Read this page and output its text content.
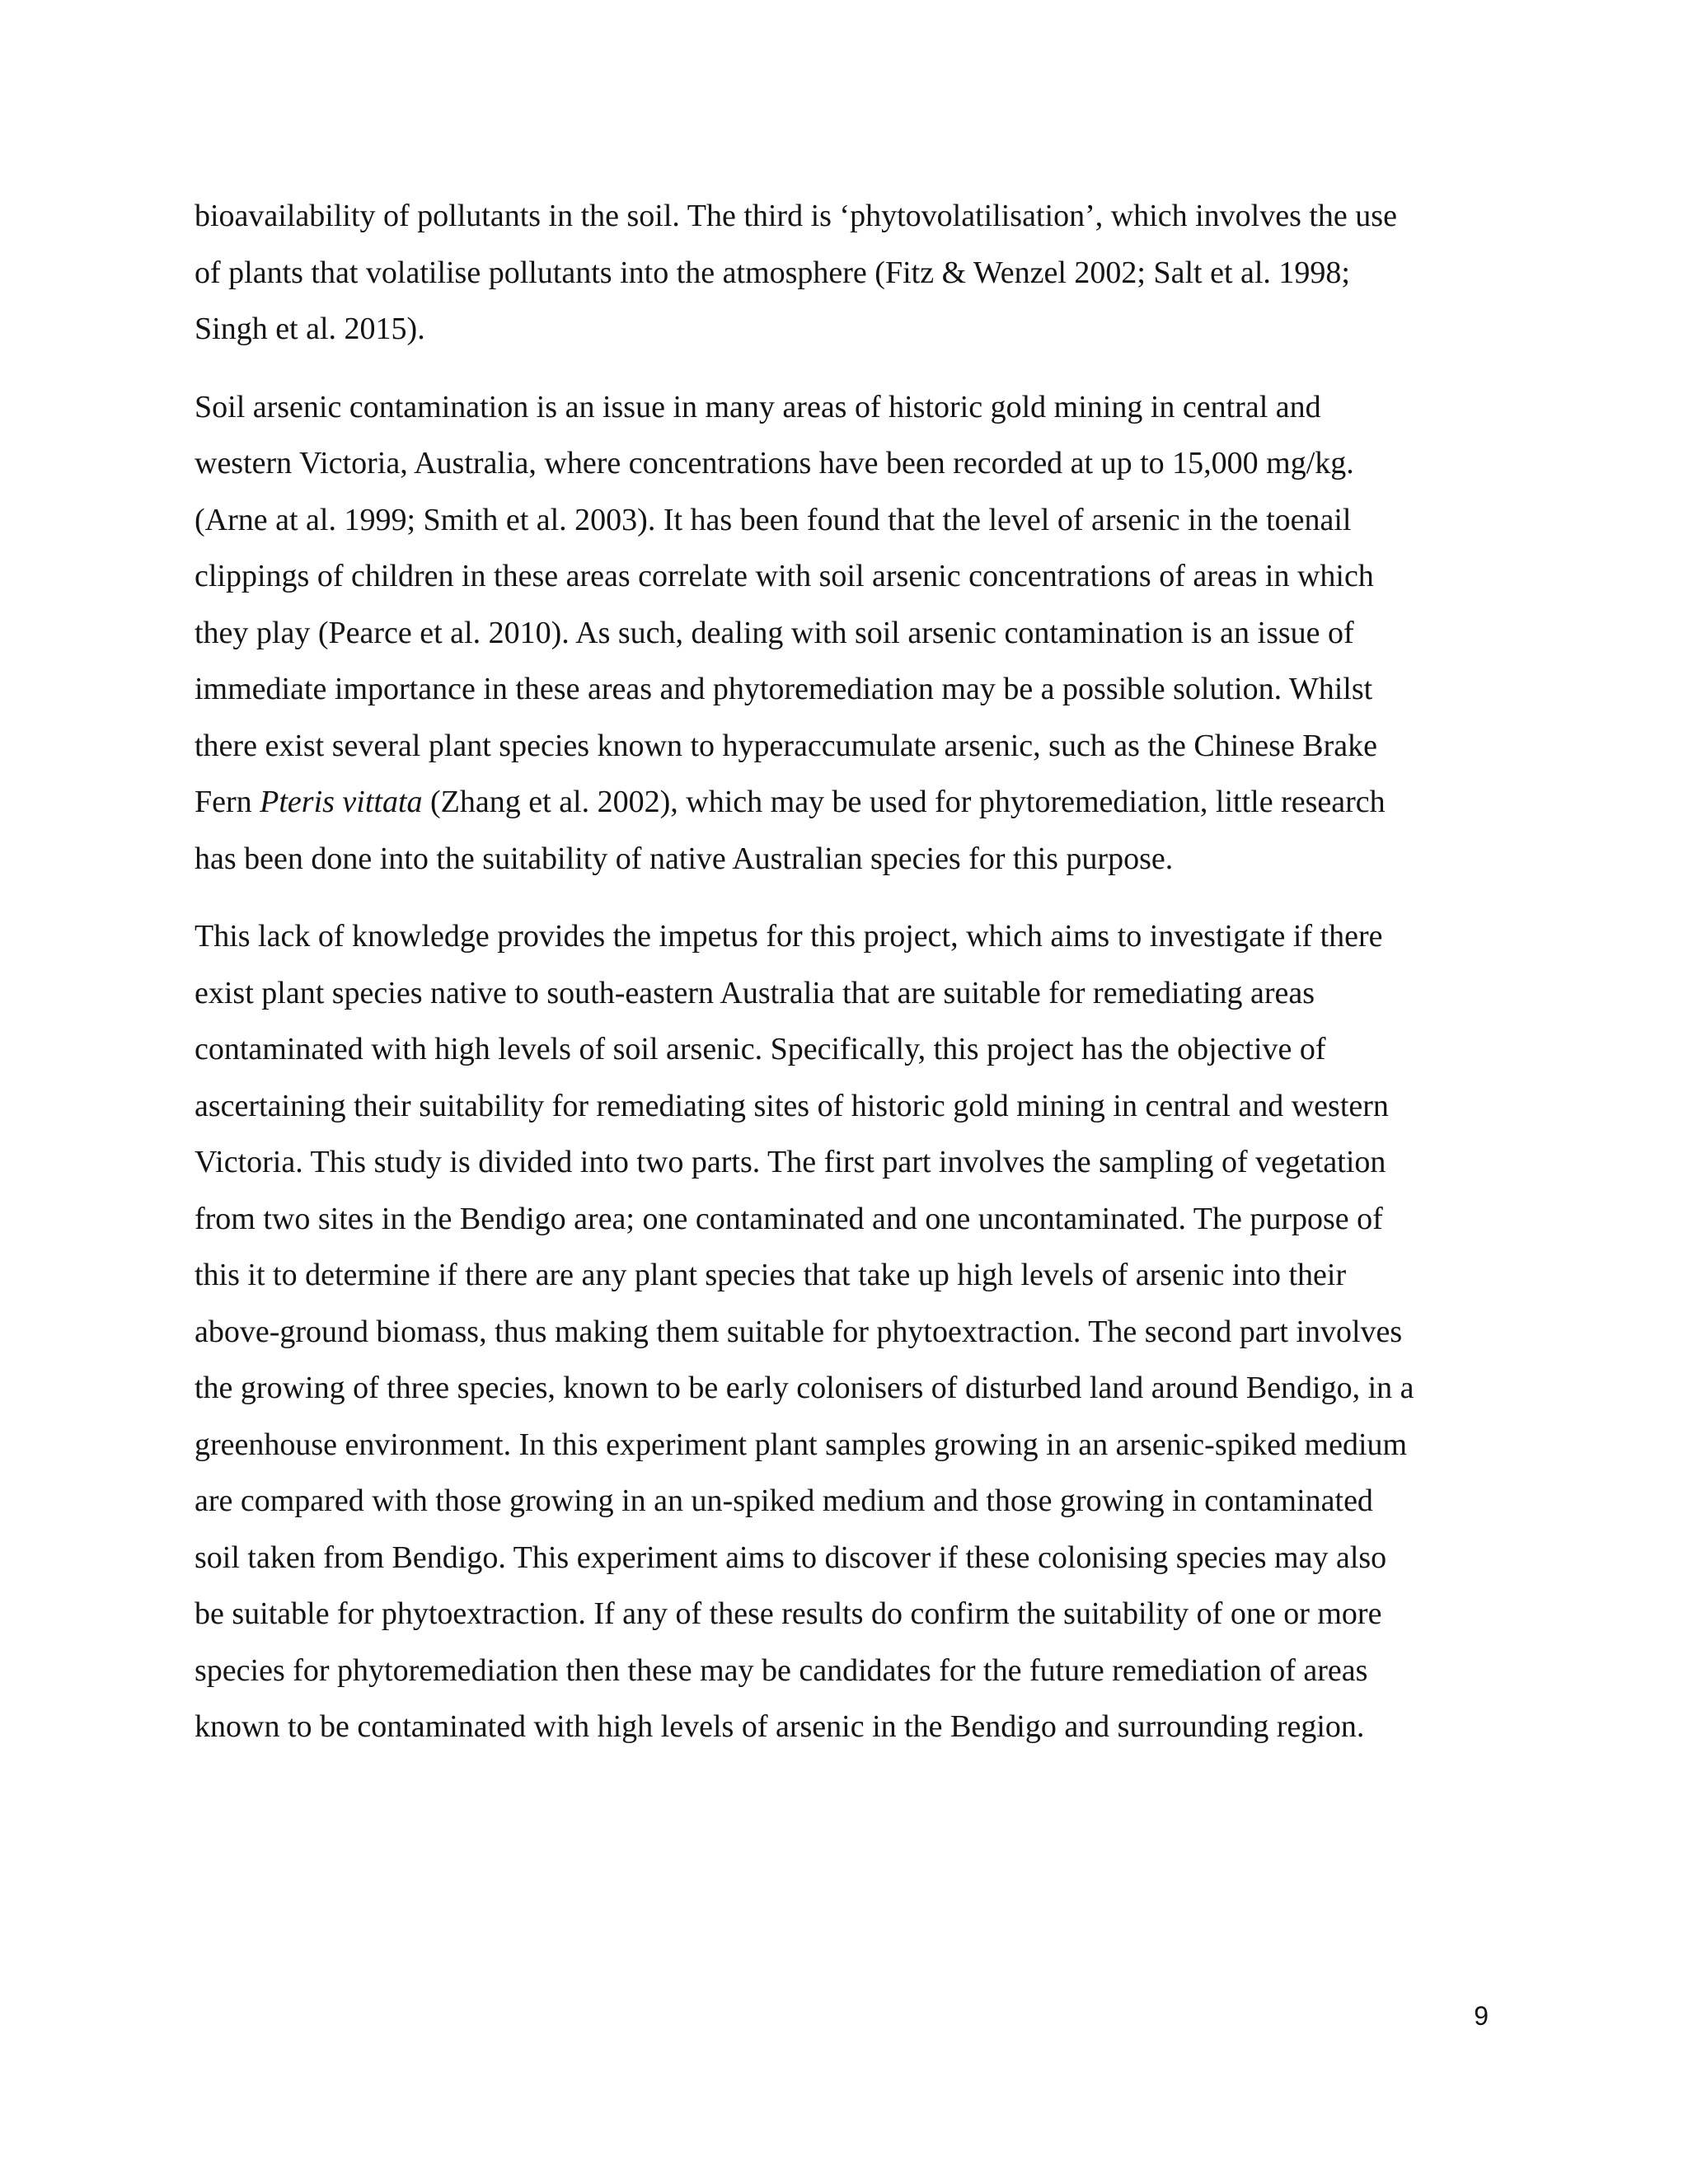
bioavailability of pollutants in the soil. The third is ‘phytovolatilisation’, which involves the use
of plants that volatilise pollutants into the atmosphere (Fitz & Wenzel 2002; Salt et al. 1998;
Singh et al. 2015).

Soil arsenic contamination is an issue in many areas of historic gold mining in central and
western Victoria, Australia, where concentrations have been recorded at up to 15,000 mg/kg.
(Arne at al. 1999; Smith et al. 2003). It has been found that the level of arsenic in the toenail
clippings of children in these areas correlate with soil arsenic concentrations of areas in which
they play (Pearce et al. 2010). As such, dealing with soil arsenic contamination is an issue of
immediate importance in these areas and phytoremediation may be a possible solution. Whilst
there exist several plant species known to hyperaccumulate arsenic, such as the Chinese Brake
Fern Pteris vittata (Zhang et al. 2002), which may be used for phytoremediation, little research
has been done into the suitability of native Australian species for this purpose.

This lack of knowledge provides the impetus for this project, which aims to investigate if there
exist plant species native to south-eastern Australia that are suitable for remediating areas
contaminated with high levels of soil arsenic. Specifically, this project has the objective of
ascertaining their suitability for remediating sites of historic gold mining in central and western
Victoria. This study is divided into two parts. The first part involves the sampling of vegetation
from two sites in the Bendigo area; one contaminated and one uncontaminated. The purpose of
this it to determine if there are any plant species that take up high levels of arsenic into their
above-ground biomass, thus making them suitable for phytoextraction. The second part involves
the growing of three species, known to be early colonisers of disturbed land around Bendigo, in a
greenhouse environment. In this experiment plant samples growing in an arsenic-spiked medium
are compared with those growing in an un-spiked medium and those growing in contaminated
soil taken from Bendigo. This experiment aims to discover if these colonising species may also
be suitable for phytoextraction. If any of these results do confirm the suitability of one or more
species for phytoremediation then these may be candidates for the future remediation of areas
known to be contaminated with high levels of arsenic in the Bendigo and surrounding region.

9
